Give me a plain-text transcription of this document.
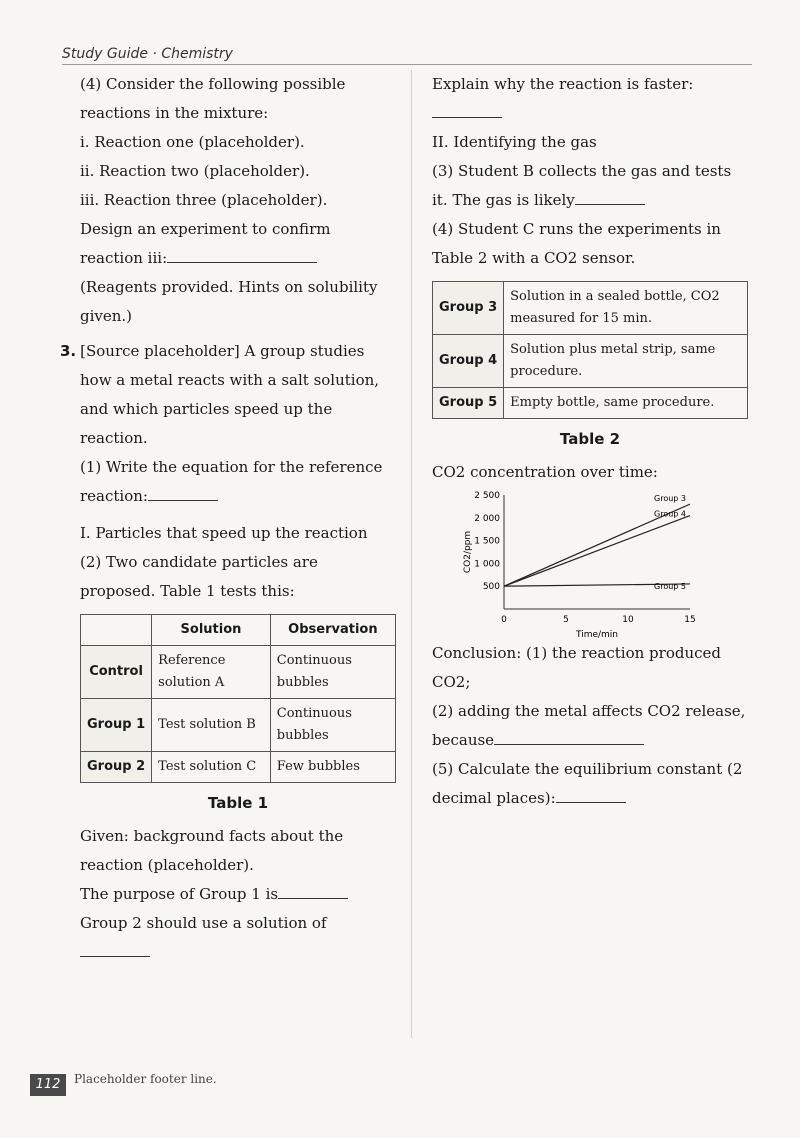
Study Guide · Chemistry

(4) Consider the following possible reactions in the mixture:

i. Reaction one (placeholder).

ii. Reaction two (placeholder).

iii. Reaction three (placeholder).

Design an experiment to confirm reaction iii:

(Reagents provided. Hints on solubility given.)

3. [Source placeholder] A group studies how a metal reacts with a salt solution, and which particles speed up the reaction.

(1) Write the equation for the reference reaction:

I. Particles that speed up the reaction

(2) Two candidate particles are proposed. Table 1 tests this:

	Solution	Observation
Control	Reference solution A	Continuous bubbles
Group 1	Test solution B	Continuous bubbles
Group 2	Test solution C	Few bubbles

Table 1

Given: background facts about the reaction (placeholder).

The purpose of Group 1 is

Group 2 should use a solution of

Explain why the reaction is faster:

II. Identifying the gas

(3) Student B collects the gas and tests it. The gas is likely

(4) Student C runs the experiments in Table 2 with a CO2 sensor.

Group 3	Solution in a sealed bottle, CO2 measured for 15 min.
Group 4	Solution plus metal strip, same procedure.
Group 5	Empty bottle, same procedure.

Table 2

CO2 concentration over time:

0	5	10	15
500
1 000
1 500
2 000
2 500
Time/min
CO2/ppm
Group 3
Group 4
Group 5

Conclusion: (1) the reaction produced CO2;

(2) adding the metal affects CO2 release, because

(5) Calculate the equilibrium constant (2 decimal places):

112	Placeholder footer line.
